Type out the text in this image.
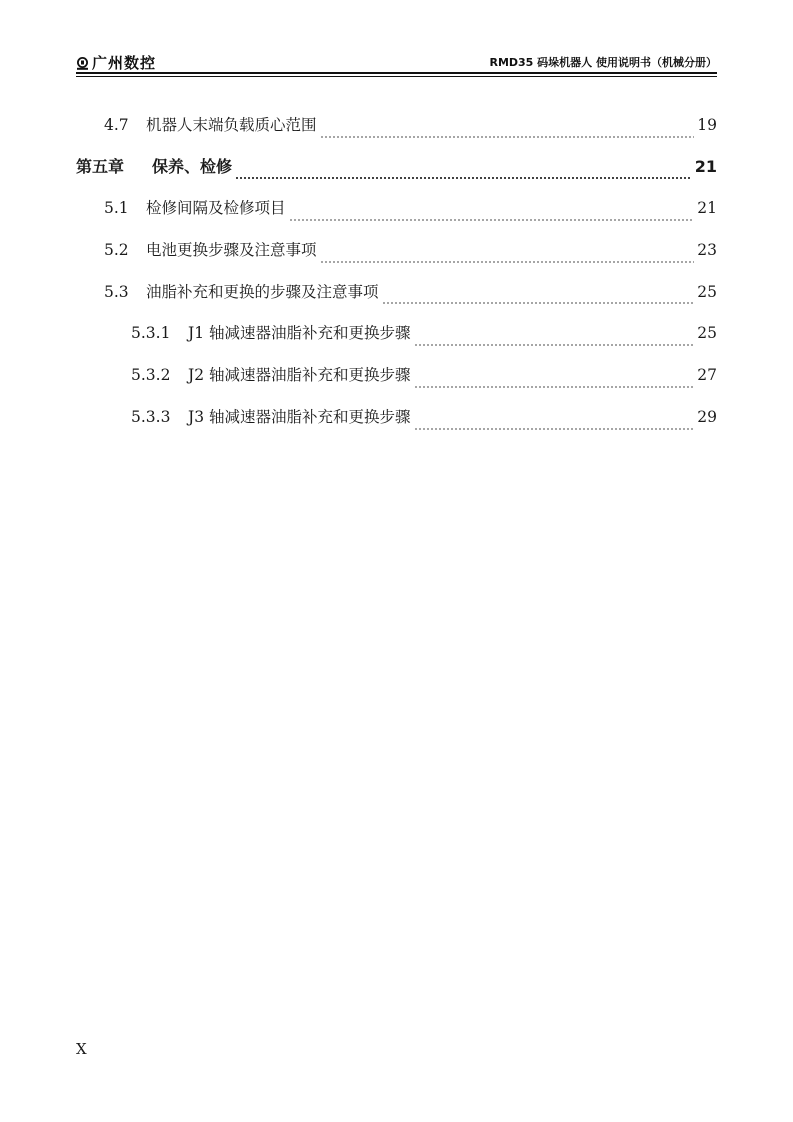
广州数控	RMD35 码垛机器人 使用说明书（机械分册）
4.7	机器人末端负载质心范围	19
第五章	保养、检修	21
5.1	检修间隔及检修项目	21
5.2	电池更换步骤及注意事项	23
5.3	油脂补充和更换的步骤及注意事项	25
5.3.1	J1 轴减速器油脂补充和更换步骤	25
5.3.2	J2 轴减速器油脂补充和更换步骤	27
5.3.3	J3 轴减速器油脂补充和更换步骤	29
X
